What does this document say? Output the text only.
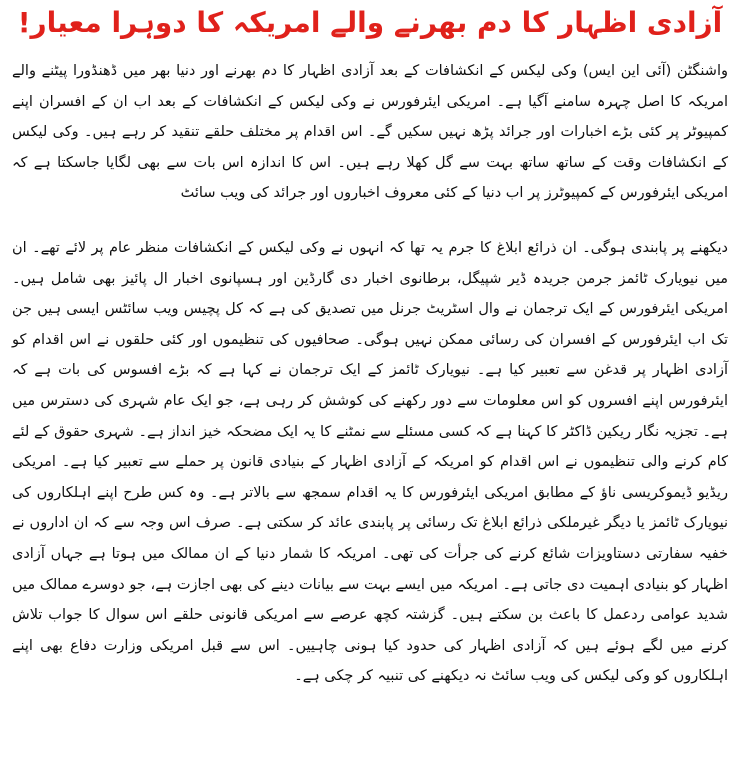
آزادی اظہار کا دم بھرنے والے امریکہ کا دوہرا معیار!

واشنگٹن (آئی این ایس) وکی لیکس کے انکشافات کے بعد آزادی اظہار کا دم بھرنے اور دنیا بھر میں ڈھنڈورا پیٹنے والے امریکہ کا اصل چہرہ سامنے آگیا ہے۔ امریکی ایئرفورس نے وکی لیکس کے انکشافات کے بعد اب ان کے افسران اپنے کمپیوٹر پر کئی بڑے اخبارات اور جرائد پڑھ نہیں سکیں گے۔ اس اقدام پر مختلف حلقے تنقید کر رہے ہیں۔ وکی لیکس کے انکشافات وقت کے ساتھ ساتھ بہت سے گل کھلا رہے ہیں۔ اس کا اندازہ اس بات سے بھی لگایا جاسکتا ہے کہ امریکی ایئرفورس کے کمپیوٹرز پر اب دنیا کے کئی معروف اخباروں اور جرائد کی ویب سائٹ

دیکھنے پر پابندی ہوگی۔ ان ذرائع ابلاغ کا جرم یہ تھا کہ انہوں نے وکی لیکس کے انکشافات منظر عام پر لائے تھے۔ ان میں نیویارک ٹائمز جرمن جریدہ ڈیر شپیگل، برطانوی اخبار دی گارڈین اور ہسپانوی اخبار ال پائیز بھی شامل ہیں۔ امریکی ایئرفورس کے ایک ترجمان نے وال اسٹریٹ جرنل میں تصدیق کی ہے کہ کل پچیس ویب سائٹس ایسی ہیں جن تک اب ایئرفورس کے افسران کی رسائی ممکن نہیں ہوگی۔ صحافیوں کی تنظیموں اور کئی حلقوں نے اس اقدام کو آزادی اظہار پر قدغن سے تعبیر کیا ہے۔ نیویارک ٹائمز کے ایک ترجمان نے کہا ہے کہ بڑے افسوس کی بات ہے کہ ایئرفورس اپنے افسروں کو اس معلومات سے دور رکھنے کی کوشش کر رہی ہے، جو ایک عام شہری کی دسترس میں ہے۔ تجزیہ نگار ریکین ڈاکٹر کا کہنا ہے کہ کسی مسئلے سے نمٹنے کا یہ ایک مضحکہ خیز انداز ہے۔ شہری حقوق کے لئے کام کرنے والی تنظیموں نے اس اقدام کو امریکہ کے آزادی اظہار کے بنیادی قانون پر حملے سے تعبیر کیا ہے۔ امریکی ریڈیو ڈیموکریسی ناؤ کے مطابق امریکی ایئرفورس کا یہ اقدام سمجھ سے بالاتر ہے۔ وہ کس طرح اپنے اہلکاروں کی نیویارک ٹائمز یا دیگر غیرملکی ذرائع ابلاغ تک رسائی پر پابندی عائد کر سکتی ہے۔ صرف اس وجہ سے کہ ان اداروں نے خفیہ سفارتی دستاویزات شائع کرنے کی جرأت کی تھی۔ امریکہ کا شمار دنیا کے ان ممالک میں ہوتا ہے جہاں آزادی اظہار کو بنیادی اہمیت دی جاتی ہے۔ امریکہ میں ایسے بہت سے بیانات دینے کی بھی اجازت ہے، جو دوسرے ممالک میں شدید عوامی ردعمل کا باعث بن سکتے ہیں۔ گزشتہ کچھ عرصے سے امریکی قانونی حلقے اس سوال کا جواب تلاش کرنے میں لگے ہوئے ہیں کہ آزادی اظہار کی حدود کیا ہونی چاہییں۔ اس سے قبل امریکی وزارت دفاع بھی اپنے اہلکاروں کو وکی لیکس کی ویب سائٹ نہ دیکھنے کی تنبیہ کر چکی ہے۔
